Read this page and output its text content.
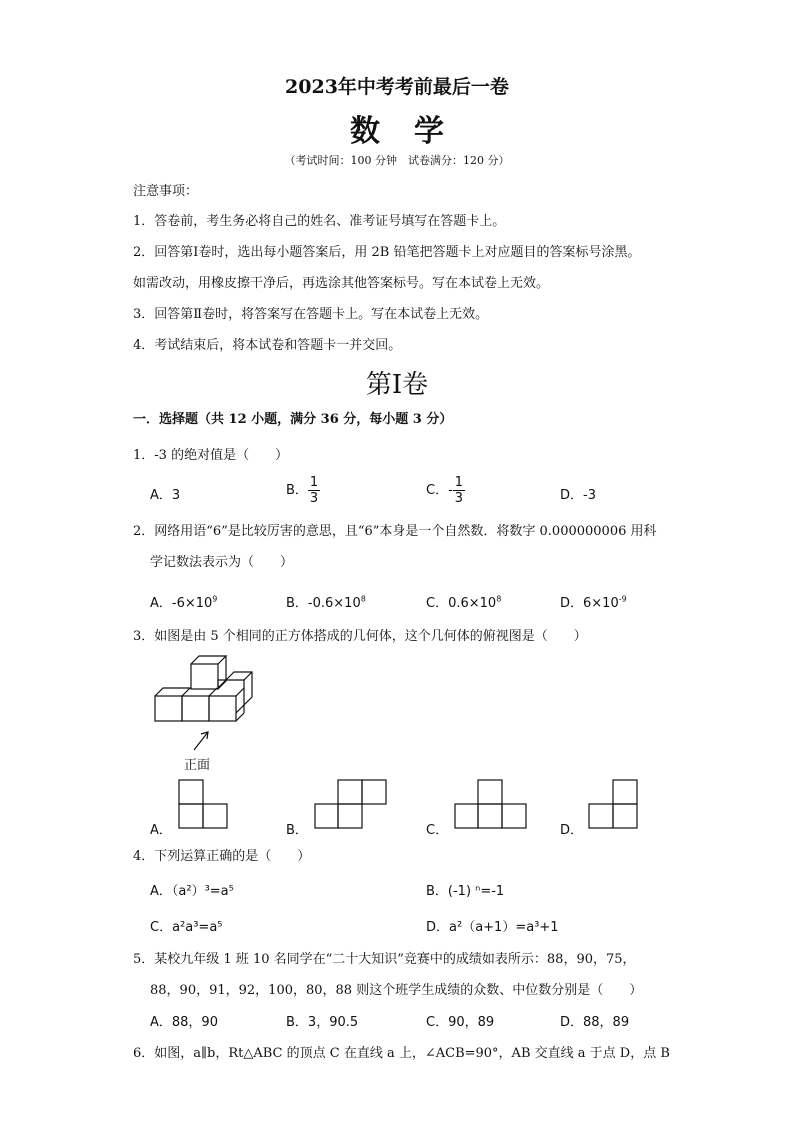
2023年中考考前最后一卷
数学
（考试时间：100 分钟　试卷满分：120 分）
注意事项：
1．答卷前，考生务必将自己的姓名、准考证号填写在答题卡上。
2．回答第Ⅰ卷时，选出每小题答案后，用 2B 铅笔把答题卡上对应题目的答案标号涂黑。
如需改动，用橡皮擦干净后，再选涂其他答案标号。写在本试卷上无效。
3．回答第Ⅱ卷时，将答案写在答题卡上。写在本试卷上无效。
4．考试结束后，将本试卷和答题卡一并交回。
第Ⅰ卷
一．选择题（共 12 小题，满分 36 分，每小题 3 分）
1．-3 的绝对值是（　　）
A．3	B． $\frac{1}{3}$	C．- $\frac{1}{3}$	D．-3
2．网络用语“6”是比较厉害的意思，且“6”本身是一个自然数．将数字 0.000000006 用科
学记数法表示为（　　）
A．$-6\times 10^9$	B．$-0.6\times 10^8$	C．$0.6\times 10^8$	D．$6\times 10^{-9}$
3．如图是由 5 个相同的正方体搭成的几何体，这个几何体的俯视图是（　　）
正面
A．	B．	C．	D．
4．下列运算正确的是（　　）
A．（a²）³=a⁵	B．(-1) ⁿ=-1
C．a²a³=a⁵	D．a²（a+1）=a³+1
5．某校九年级 1 班 10 名同学在“二十大知识”竞赛中的成绩如表所示：88，90，75，
88，90，91，92，100，80，88 则这个班学生成绩的众数、中位数分别是（　　）
A．88，90	B．3，90.5	C．90，89	D．88，89
6．如图，a∥b，Rt△ABC 的顶点 C 在直线 a 上，∠ACB=90°，AB 交直线 a 于点 D，点 B
